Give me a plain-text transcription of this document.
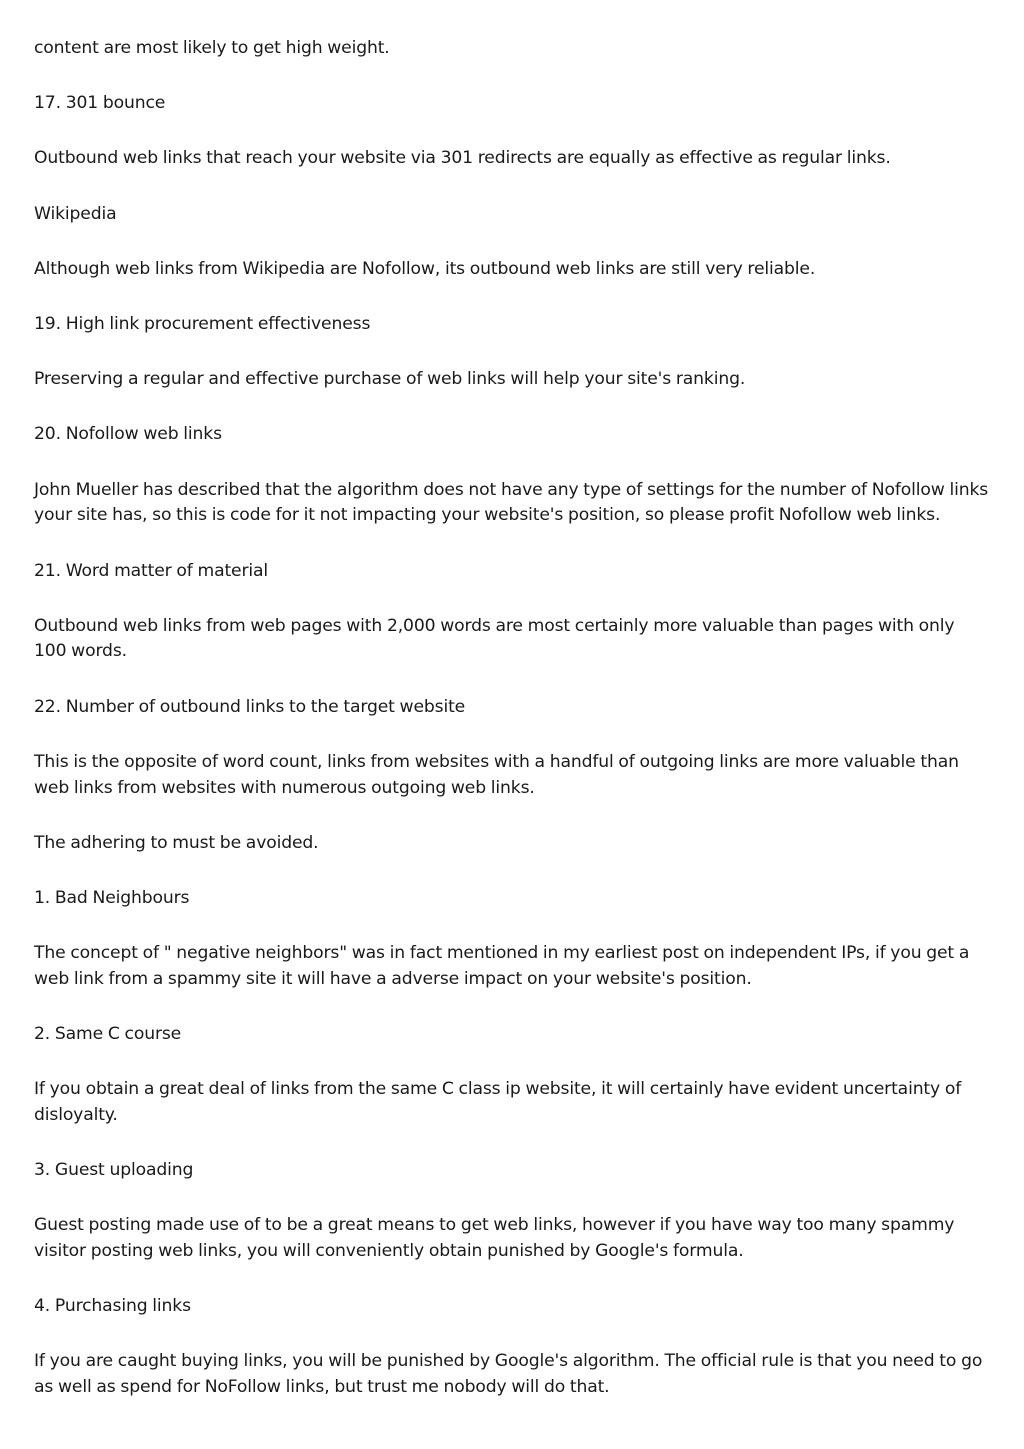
content are most likely to get high weight.

17. 301 bounce

Outbound web links that reach your website via 301 redirects are equally as effective as regular links.

Wikipedia

Although web links from Wikipedia are Nofollow, its outbound web links are still very reliable.

19. High link procurement effectiveness

Preserving a regular and effective purchase of web links will help your site's ranking.

20. Nofollow web links

John Mueller has described that the algorithm does not have any type of settings for the number of Nofollow links your site has, so this is code for it not impacting your website's position, so please profit Nofollow web links.

21. Word matter of material

Outbound web links from web pages with 2,000 words are most certainly more valuable than pages with only 100 words.

22. Number of outbound links to the target website

This is the opposite of word count, links from websites with a handful of outgoing links are more valuable than web links from websites with numerous outgoing web links.

The adhering to must be avoided.

1. Bad Neighbours

The concept of " negative neighbors" was in fact mentioned in my earliest post on independent IPs, if you get a web link from a spammy site it will have a adverse impact on your website's position.

2. Same C course

If you obtain a great deal of links from the same C class ip website, it will certainly have evident uncertainty of disloyalty.

3. Guest uploading

Guest posting made use of to be a great means to get web links, however if you have way too many spammy visitor posting web links, you will conveniently obtain punished by Google's formula.

4. Purchasing links

If you are caught buying links, you will be punished by Google's algorithm. The official rule is that you need to go as well as spend for NoFollow links, but trust me nobody will do that.
